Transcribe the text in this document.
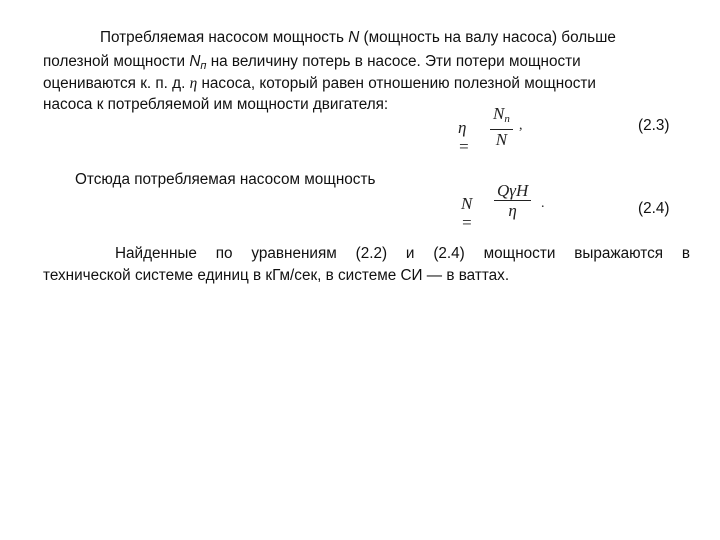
Потребляемая насосом мощность N (мощность на валу насоса) больше
полезной мощности $N_п$ на величину потерь в насосе. Эти потери мощности
оцениваются к. п. д. η насоса, который равен отношению полезной мощности
насоса к потребляемой им мощности двигателя:
η =
$N_п$
N
,	(2.3)
Отсюда потребляемая насосом мощность
N =
QγH
η .	(2.4)
Найденные по уравнениям (2.2) и (2.4) мощности выражаются в
технической системе единиц в кГм/сек, в системе СИ — в ваттах.
